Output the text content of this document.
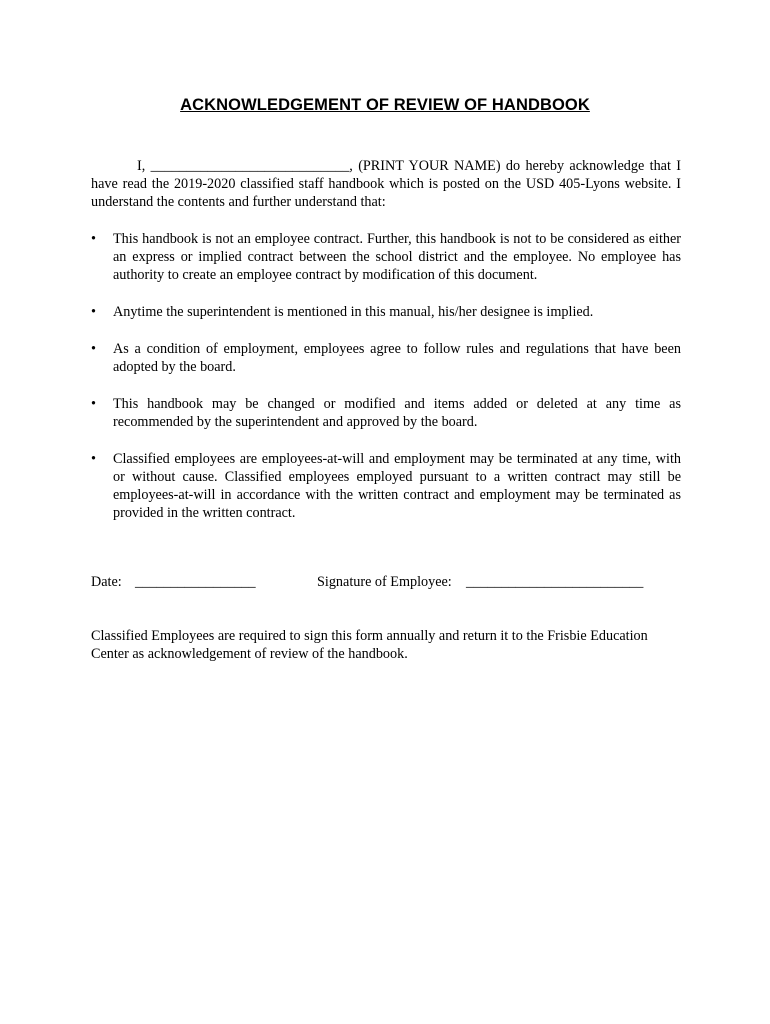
ACKNOWLEDGEMENT OF REVIEW OF HANDBOOK
I, ____________________________, (PRINT YOUR NAME) do hereby acknowledge that I have read the 2019-2020 classified staff handbook which is posted on the USD 405-Lyons website. I understand the contents and further understand that:
•	This handbook is not an employee contract. Further, this handbook is not to be considered as either an express or implied contract between the school district and the employee. No employee has authority to create an employee contract by modification of this document.
•	Anytime the superintendent is mentioned in this manual, his/her designee is implied.
•	As a condition of employment, employees agree to follow rules and regulations that have been adopted by the board.
•	This handbook may be changed or modified and items added or deleted at any time as recommended by the superintendent and approved by the board.
•	Classified employees are employees-at-will and employment may be terminated at any time, with or without cause. Classified employees employed pursuant to a written contract may still be employees-at-will in accordance with the written contract and employment may be terminated as provided in the written contract.
Date: _________________	Signature of Employee: _________________________
Classified Employees are required to sign this form annually and return it to the Frisbie Education Center as acknowledgement of review of the handbook.
